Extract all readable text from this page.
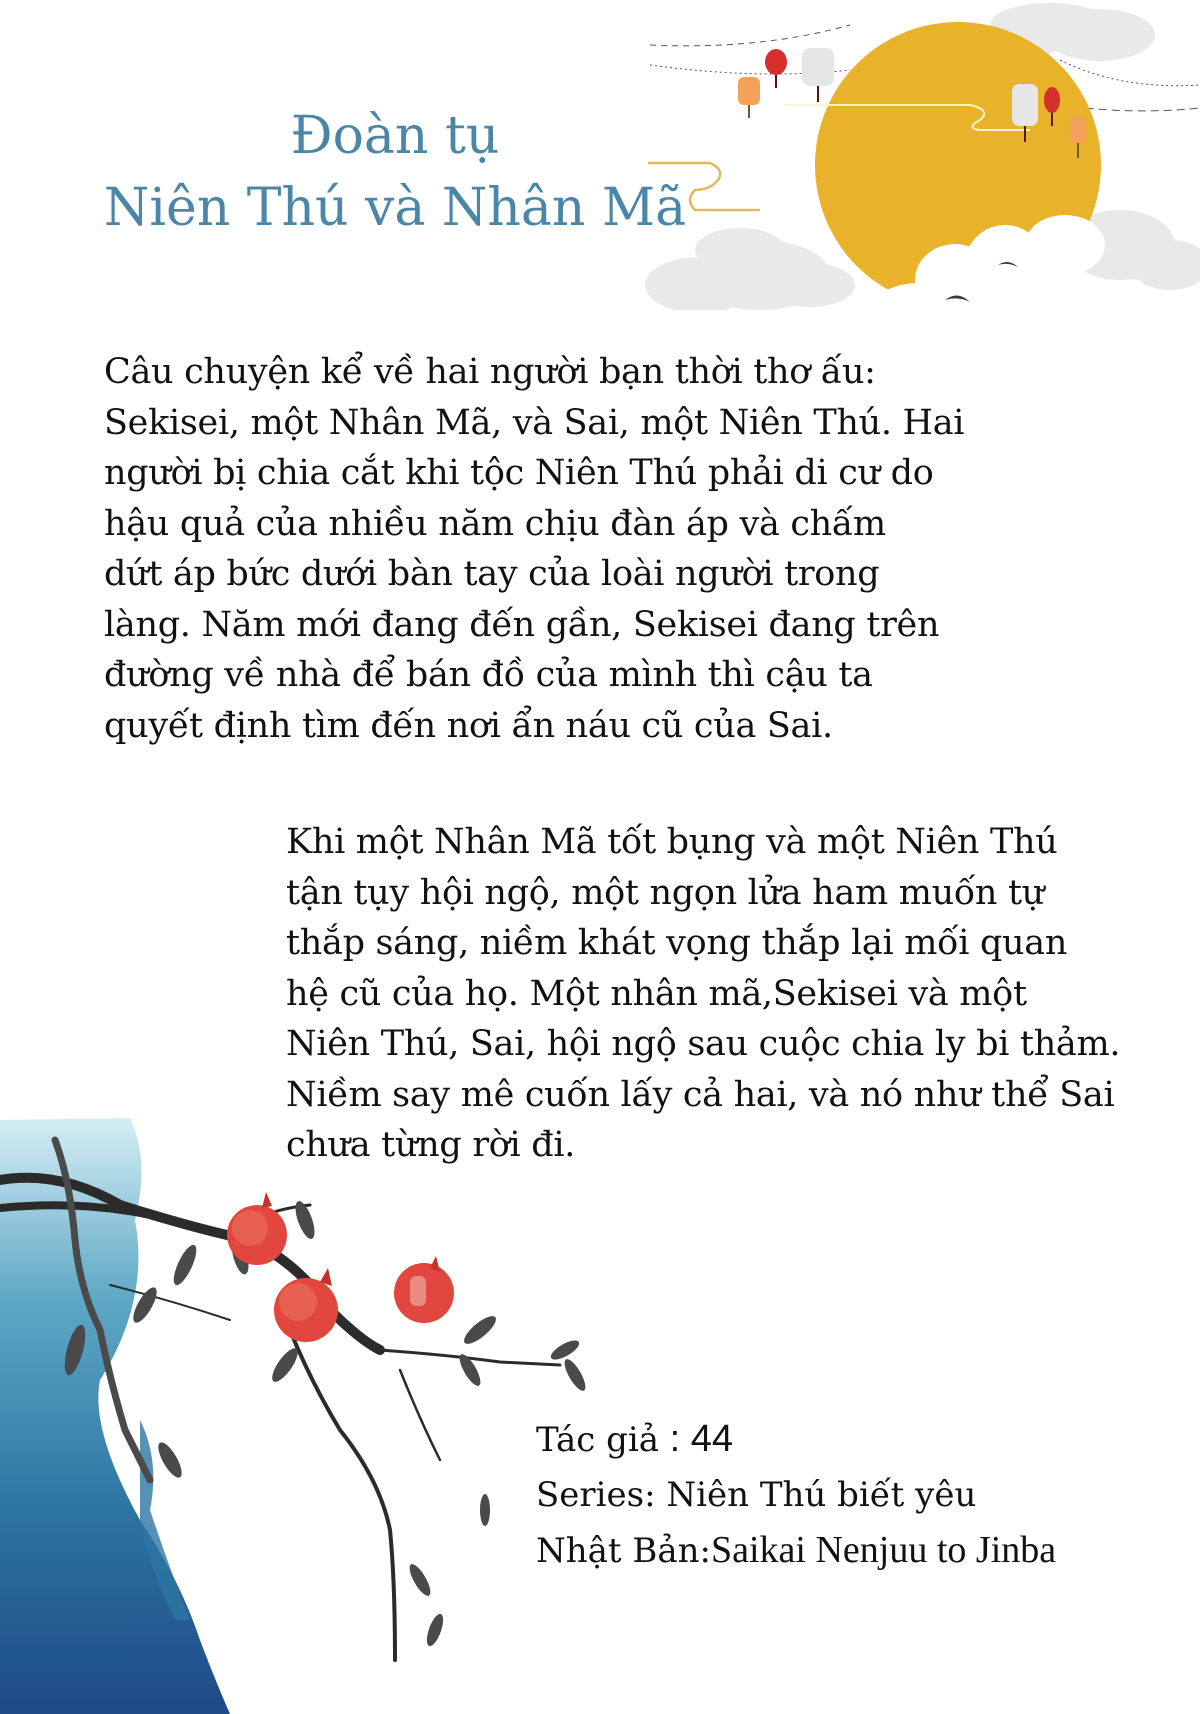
Đoàn tụ
Niên Thú và Nhân Mã
Câu chuyện kể về hai người bạn thời thơ ấu:
Sekisei, một Nhân Mã, và Sai, một Niên Thú. Hai
người bị chia cắt khi tộc Niên Thú phải di cư do
hậu quả của nhiều năm chịu đàn áp và chấm
dứt áp bức dưới bàn tay của loài người trong
làng. Năm mới đang đến gần, Sekisei đang trên
đường về nhà để bán đồ của mình thì cậu ta
quyết định tìm đến nơi ẩn náu cũ của Sai.
Khi một Nhân Mã tốt bụng và một Niên Thú
tận tụy hội ngộ, một ngọn lửa ham muốn tự
thắp sáng, niềm khát vọng thắp lại mối quan
hệ cũ của họ. Một nhân mã,Sekisei và một
Niên Thú, Sai, hội ngộ sau cuộc chia ly bi thảm.
Niềm say mê cuốn lấy cả hai, và nó như thể Sai
chưa từng rời đi.
Tác giả : 44
Series: Niên Thú biết yêu
Nhật Bản:Saikai Nenjuu to Jinba
